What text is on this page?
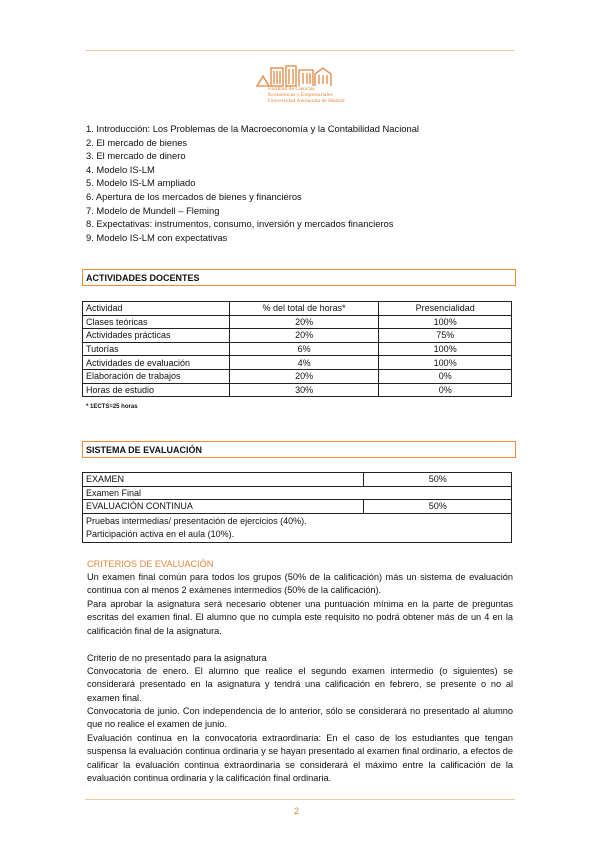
Facultad de Ciencias
Económicas y Empresariales
Universidad Autónoma de Madrid
1. Introducción: Los Problemas de la Macroeconomía y la Contabilidad Nacional
2. El mercado de bienes
3. El mercado de dinero
4. Modelo IS-LM
5. Modelo IS-LM ampliado
6. Apertura de los mercados de bienes y financieros
7. Modelo de Mundell – Fleming
8. Expectativas: instrumentos, consumo, inversión y mercados financieros
9. Modelo IS-LM con expectativas
ACTIVIDADES DOCENTES
Actividad	% del total de horas*	Presencialidad
Clases teóricas	20%	100%
Actividades prácticas	20%	75%
Tutorías	6%	100%
Actividades de evaluación	4%	100%
Elaboración de trabajos	20%	0%
Horas de estudio	30%	0%
* 1ECTS=25 horas
SISTEMA DE EVALUACIÓN
EXAMEN	50%
Examen Final	
EVALUACIÓN CONTINUA	50%

Pruebas intermedias/ presentación de ejercicios (40%).
Participación activa en el aula (10%).	
CRITERIOS DE EVALUACIÓN
Un examen final común para todos los grupos (50% de la calificación) más un sistema de evaluación continua con al menos 2 exámenes intermedios (50% de la calificación).
Para aprobar la asignatura será necesario obtener una puntuación mínima en la parte de preguntas escritas del examen final. El alumno que no cumpla este requisito no podrá obtener más de un 4 en la calificación final de la asignatura.
Criterio de no presentado para la asignatura
Convocatoria de enero. El alumno que realice el segundo examen intermedio (o siguientes) se considerará presentado en la asignatura y tendrá una calificación en febrero, se presente o no al examen final.
Convocatoria de junio. Con independencia de lo anterior, sólo se considerará no presentado al alumno que no realice el examen de junio.
Evaluación continua en la convocatoria extraordinaria: En el caso de los estudiantes que tengan suspensa la evaluación continua ordinaria y se hayan presentado al examen final ordinario, a efectos de calificar la evaluación continua extraordinaria se considerará el máximo entre la calificación de la evaluación continua ordinaria y la calificación final ordinaria.
2
